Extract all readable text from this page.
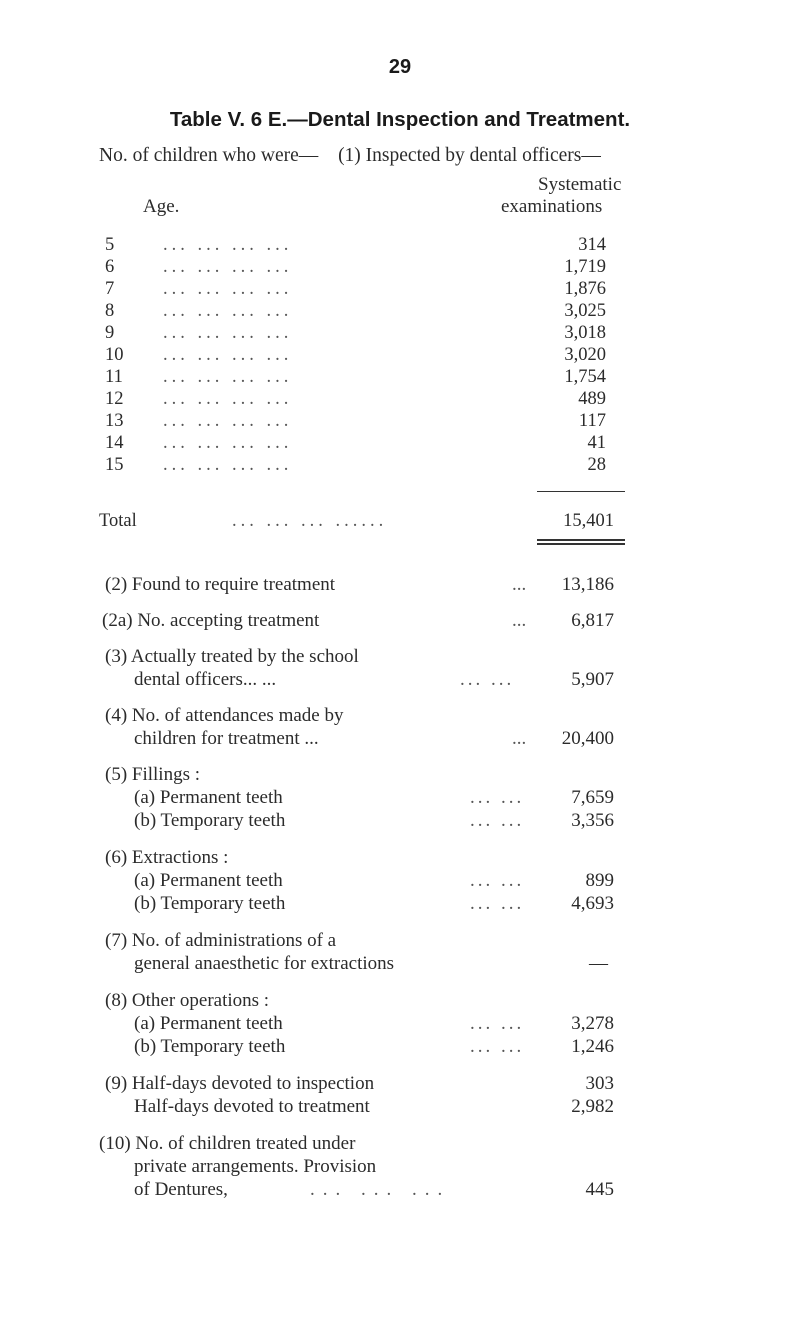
29
Table V. 6 E.—Dental Inspection and Treatment.
No. of children who were— (1) Inspected by dental officers—
Systematic
Age.	examinations
5	... ... ... ...	314
6	... ... ... ...	1,719
7	... ... ... ...	1,876
8	... ... ... ...	3,025
9	... ... ... ...	3,018
10 ... ... ... ...	3,020
11 ... ... ... ...	1,754
12 ... ... ... ...	489
13 ... ... ... ...	117
14 ... ... ... ...	41
15 ... ... ... ...	28
Total	... ... ... ......	15,401
(2) Found to require treatment	... 13,186
(2a) No. accepting treatment	... 6,817
(3) Actually treated by the school
dental officers... ...	... ...	5,907
(4) No. of attendances made by
children for treatment ...	... 20,400
(5) Fillings :
(a) Permanent teeth	... ... 7,659
(b) Temporary teeth	... ... 3,356
(6) Extractions :
(a) Permanent teeth	... ...	899
(b) Temporary teeth	... ... 4,693
(7) No. of administrations of a
general anaesthetic for extractions	—
(8) Other operations :
(a) Permanent teeth	... ... 3,278
(b) Temporary teeth	... ... 1,246
(9) Half-days devoted to inspection	303
Half-days devoted to treatment	2,982
(10) No. of children treated under
private arrangements. Provision
of Dentures,	... ... ...	445
